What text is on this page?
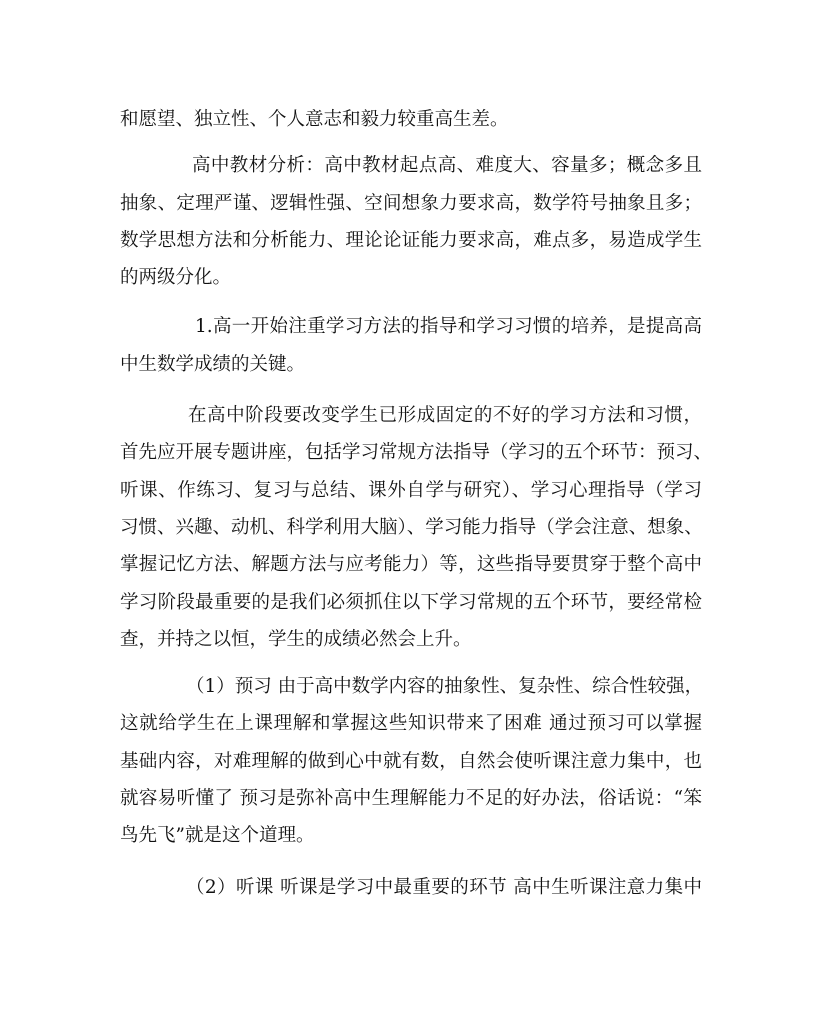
和愿望、独立性、个人意志和毅力较重高生差。

高中教材分析：高中教材起点高、难度大、容量多；概念多且
抽象、定理严谨、逻辑性强、空间想象力要求高，数学符号抽象且多；
数学思想方法和分析能力、理论论证能力要求高，难点多，易造成学生
的两级分化。

1.高一开始注重学习方法的指导和学习习惯的培养，是提高高
中生数学成绩的关键。

在高中阶段要改变学生已形成固定的不好的学习方法和习惯，
首先应开展专题讲座，包括学习常规方法指导（学习的五个环节：预习、
听课、作练习、复习与总结、课外自学与研究）、学习心理指导（学习
习惯、兴趣、动机、科学利用大脑）、学习能力指导（学会注意、想象、
掌握记忆方法、解题方法与应考能力）等，这些指导要贯穿于整个高中
学习阶段最重要的是我们必须抓住以下学习常规的五个环节，要经常检
查，并持之以恒，学生的成绩必然会上升。

（1）预习 由于高中数学内容的抽象性、复杂性、综合性较强，
这就给学生在上课理解和掌握这些知识带来了困难 通过预习可以掌握
基础内容，对难理解的做到心中就有数，自然会使听课注意力集中，也
就容易听懂了 预习是弥补高中生理解能力不足的好办法，俗话说：“笨
鸟先飞”就是这个道理。

（2）听课 听课是学习中最重要的环节 高中生听课注意力集中
